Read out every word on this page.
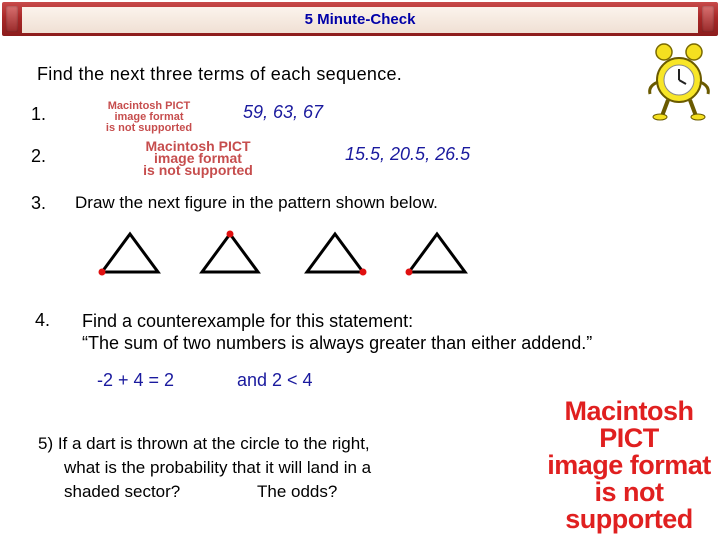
5 Minute-Check
Find the next three terms of each sequence.
1.	Macintosh PICT
image format
is not supported
59, 63, 67
2.	Macintosh PICT
image format
is not supported
15.5, 20.5, 26.5
3. Draw the next figure in the pattern shown below.
4. Find a counterexample for this statement:
“The sum of two numbers is always greater than either addend.”
-2 + 4 = 2	and 2 < 4
5) If a dart is thrown at the circle to the right,
what is the probability that it will land in a
shaded sector?	The odds?
Macintosh PICT
image format
is not supported
